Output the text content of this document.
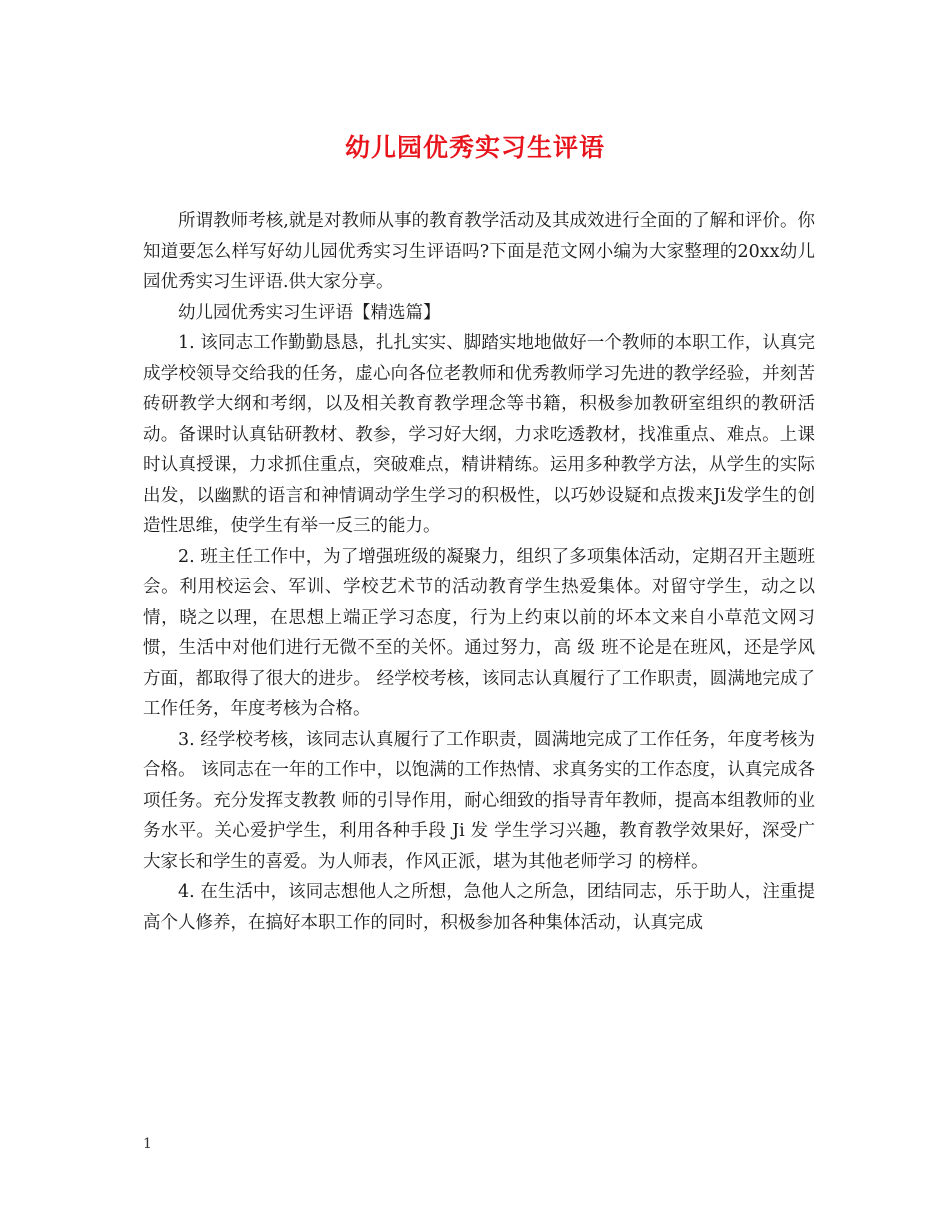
幼儿园优秀实习生评语

所谓教师考核,就是对教师从事的教育教学活动及其成效进行全面的了解和评价。你知道要怎么样写好幼儿园优秀实习生评语吗?下面是范文网小编为大家整理的20xx幼儿园优秀实习生评语.供大家分享。

幼儿园优秀实习生评语【精选篇】

1. 该同志工作勤勤恳恳，扎扎实实、脚踏实地地做好一个教师的本职工作，认真完成学校领导交给我的任务，虚心向各位老教师和优秀教师学习先进的教学经验，并刻苦砖研教学大纲和考纲，以及相关教育教学理念等书籍，积极参加教研室组织的教研活动。备课时认真钻研教材、教参，学习好大纲，力求吃透教材，找准重点、难点。上课时认真授课，力求抓住重点，突破难点，精讲精练。运用多种教学方法，从学生的实际出发，以幽默的语言和神情调动学生学习的积极性，以巧妙设疑和点拨来Ji发学生的创造性思维，使学生有举一反三的能力。

2. 班主任工作中，为了增强班级的凝聚力，组织了多项集体活动，定期召开主题班会。利用校运会、军训、学校艺术节的活动教育学生热爱集体。对留守学生，动之以情，晓之以理，在思想上端正学习态度，行为上约束以前的坏本文来自小草范文网习惯，生活中对他们进行无微不至的关怀。通过努力，高 级 班不论是在班风，还是学风方面，都取得了很大的进步。 经学校考核，该同志认真履行了工作职责，圆满地完成了工作任务，年度考核为合格。

3. 经学校考核，该同志认真履行了工作职责，圆满地完成了工作任务，年度考核为合格。 该同志在一年的工作中，以饱满的工作热情、求真务实的工作态度，认真完成各项任务。充分发挥支教教 师的引导作用，耐心细致的指导青年教师，提高本组教师的业务水平。关心爱护学生，利用各种手段 Ji 发 学生学习兴趣，教育教学效果好，深受广大家长和学生的喜爱。为人师表，作风正派，堪为其他老师学习 的榜样。

4. 在生活中，该同志想他人之所想，急他人之所急，团结同志，乐于助人，注重提高个人修养，在搞好本职工作的同时，积极参加各种集体活动，认真完成

1
